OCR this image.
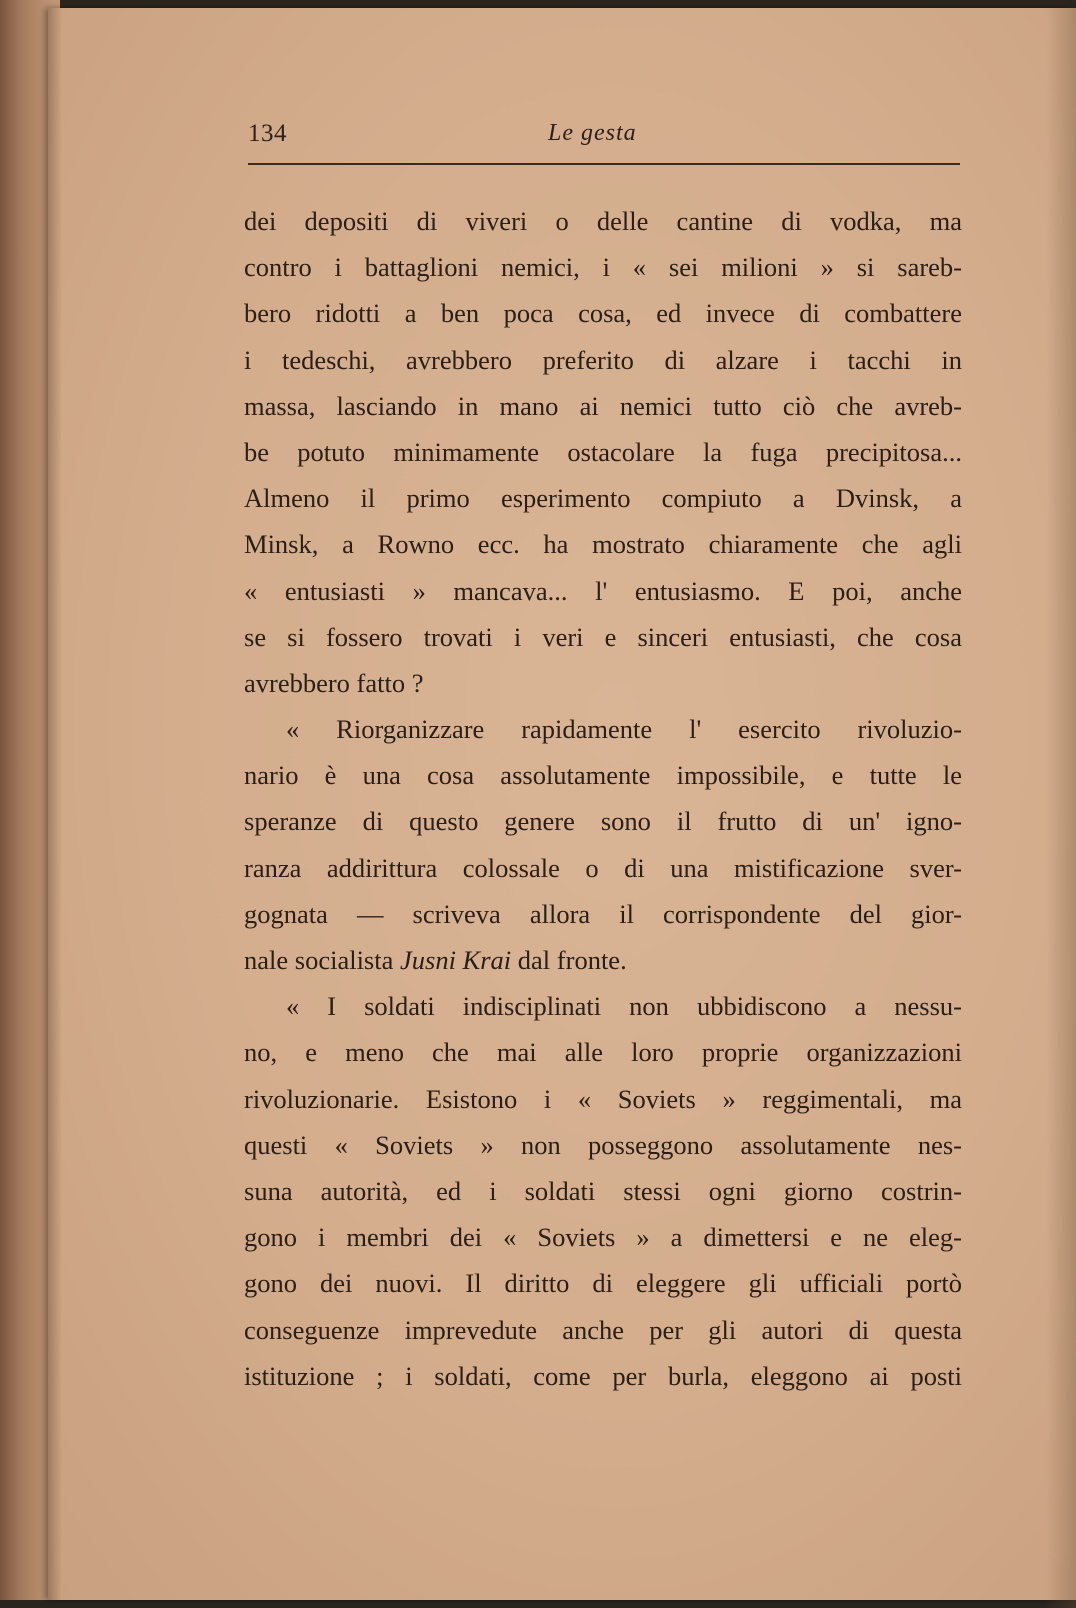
134	Le gesta
dei depositi di viveri o delle cantine di vodka, ma
contro i battaglioni nemici, i « sei milioni » si sareb-
bero ridotti a ben poca cosa, ed invece di combattere
i tedeschi, avrebbero preferito di alzare i tacchi in
massa, lasciando in mano ai nemici tutto ciò che avreb-
be potuto minimamente ostacolare la fuga precipitosa...
Almeno il primo esperimento compiuto a Dvinsk, a
Minsk, a Rowno ecc. ha mostrato chiaramente che agli
« entusiasti » mancava... l' entusiasmo. E poi, anche
se si fossero trovati i veri e sinceri entusiasti, che cosa
avrebbero fatto ?
« Riorganizzare rapidamente l' esercito rivoluzio-
nario è una cosa assolutamente impossibile, e tutte le
speranze di questo genere sono il frutto di un' igno-
ranza addirittura colossale o di una mistificazione sver-
gognata — scriveva allora il corrispondente del gior-
nale socialista Jusni Krai dal fronte.
« I soldati indisciplinati non ubbidiscono a nessu-
no, e meno che mai alle loro proprie organizzazioni
rivoluzionarie. Esistono i « Soviets » reggimentali, ma
questi « Soviets » non posseggono assolutamente nes-
suna autorità, ed i soldati stessi ogni giorno costrin-
gono i membri dei « Soviets » a dimettersi e ne eleg-
gono dei nuovi. Il diritto di eleggere gli ufficiali portò
conseguenze imprevedute anche per gli autori di questa
istituzione ; i soldati, come per burla, eleggono ai posti
